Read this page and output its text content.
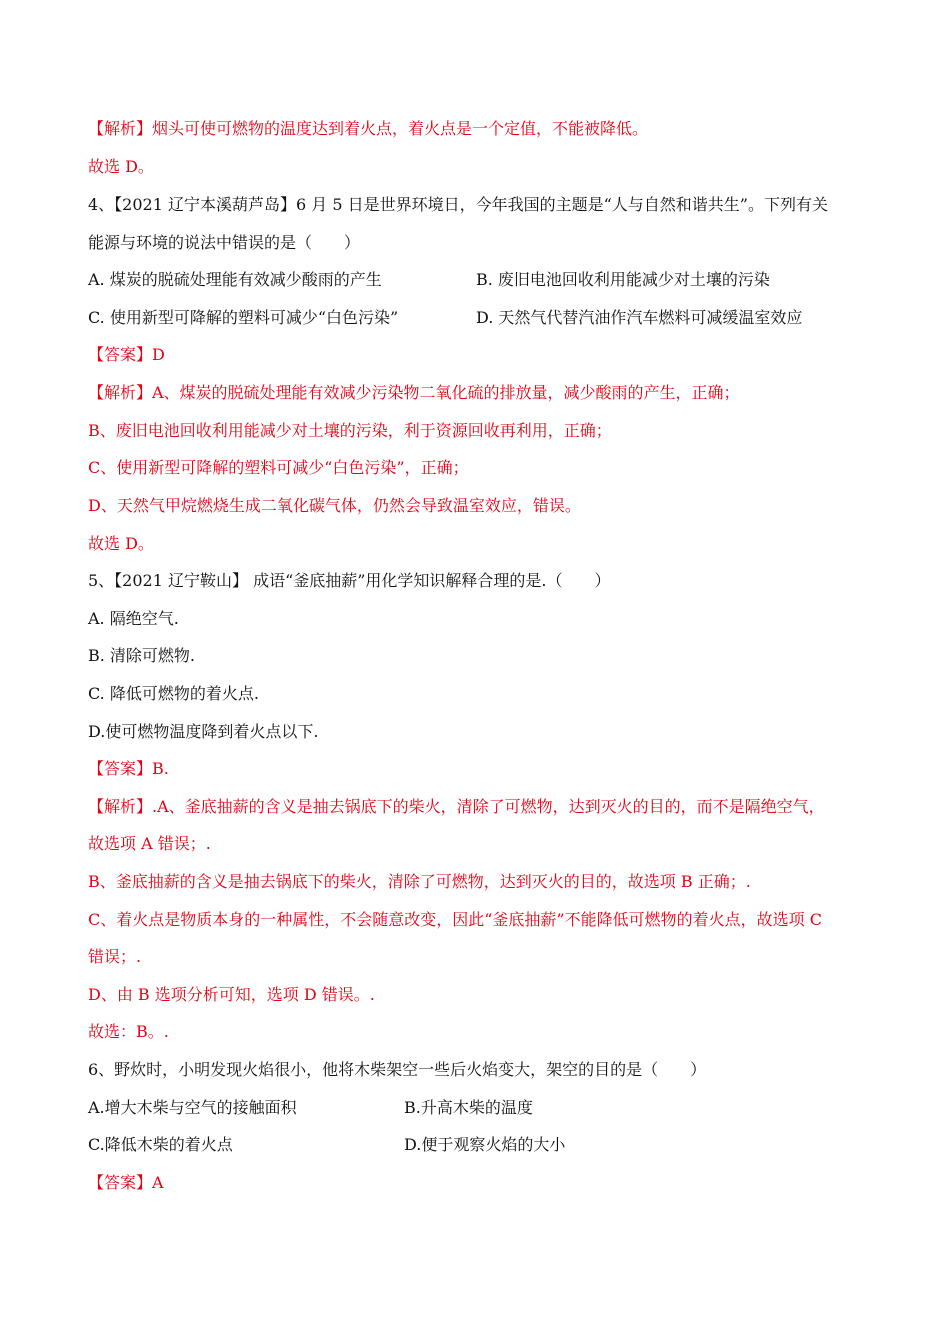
【解析】烟头可使可燃物的温度达到着火点，着火点是一个定值，不能被降低。
故选 D。
4、【2021 辽宁本溪葫芦岛】6 月 5 日是世界环境日，今年我国的主题是“人与自然和谐共生”。下列有关
能源与环境的说法中错误的是（　　）
A. 煤炭的脱硫处理能有效减少酸雨的产生	B. 废旧电池回收利用能减少对土壤的污染
C. 使用新型可降解的塑料可减少“白色污染”	D. 天然气代替汽油作汽车燃料可减缓温室效应
【答案】D
【解析】A、煤炭的脱硫处理能有效减少污染物二氧化硫的排放量，减少酸雨的产生，正确；
B、废旧电池回收利用能减少对土壤的污染，利于资源回收再利用，正确；
C、使用新型可降解的塑料可减少“白色污染”，正确；
D、天然气甲烷燃烧生成二氧化碳气体，仍然会导致温室效应，错误。
故选 D。
5、【2021 辽宁鞍山】 成语“釜底抽薪”用化学知识解释合理的是.（　　）
A. 隔绝空气.
B. 清除可燃物.
C. 降低可燃物的着火点.
D.使可燃物温度降到着火点以下.
【答案】B.
【解析】.A、釜底抽薪的含义是抽去锅底下的柴火，清除了可燃物，达到灭火的目的，而不是隔绝空气，
故选项 A 错误；.
B、釜底抽薪的含义是抽去锅底下的柴火，清除了可燃物，达到灭火的目的，故选项 B 正确；.
C、着火点是物质本身的一种属性，不会随意改变，因此“釜底抽薪”不能降低可燃物的着火点，故选项 C
错误；.
D、由 B 选项分析可知，选项 D 错误。.
故选：B。.
6、野炊时，小明发现火焰很小，他将木柴架空一些后火焰变大，架空的目的是（　　）
A.增大木柴与空气的接触面积	B.升高木柴的温度
C.降低木柴的着火点	D.便于观察火焰的大小
【答案】A
